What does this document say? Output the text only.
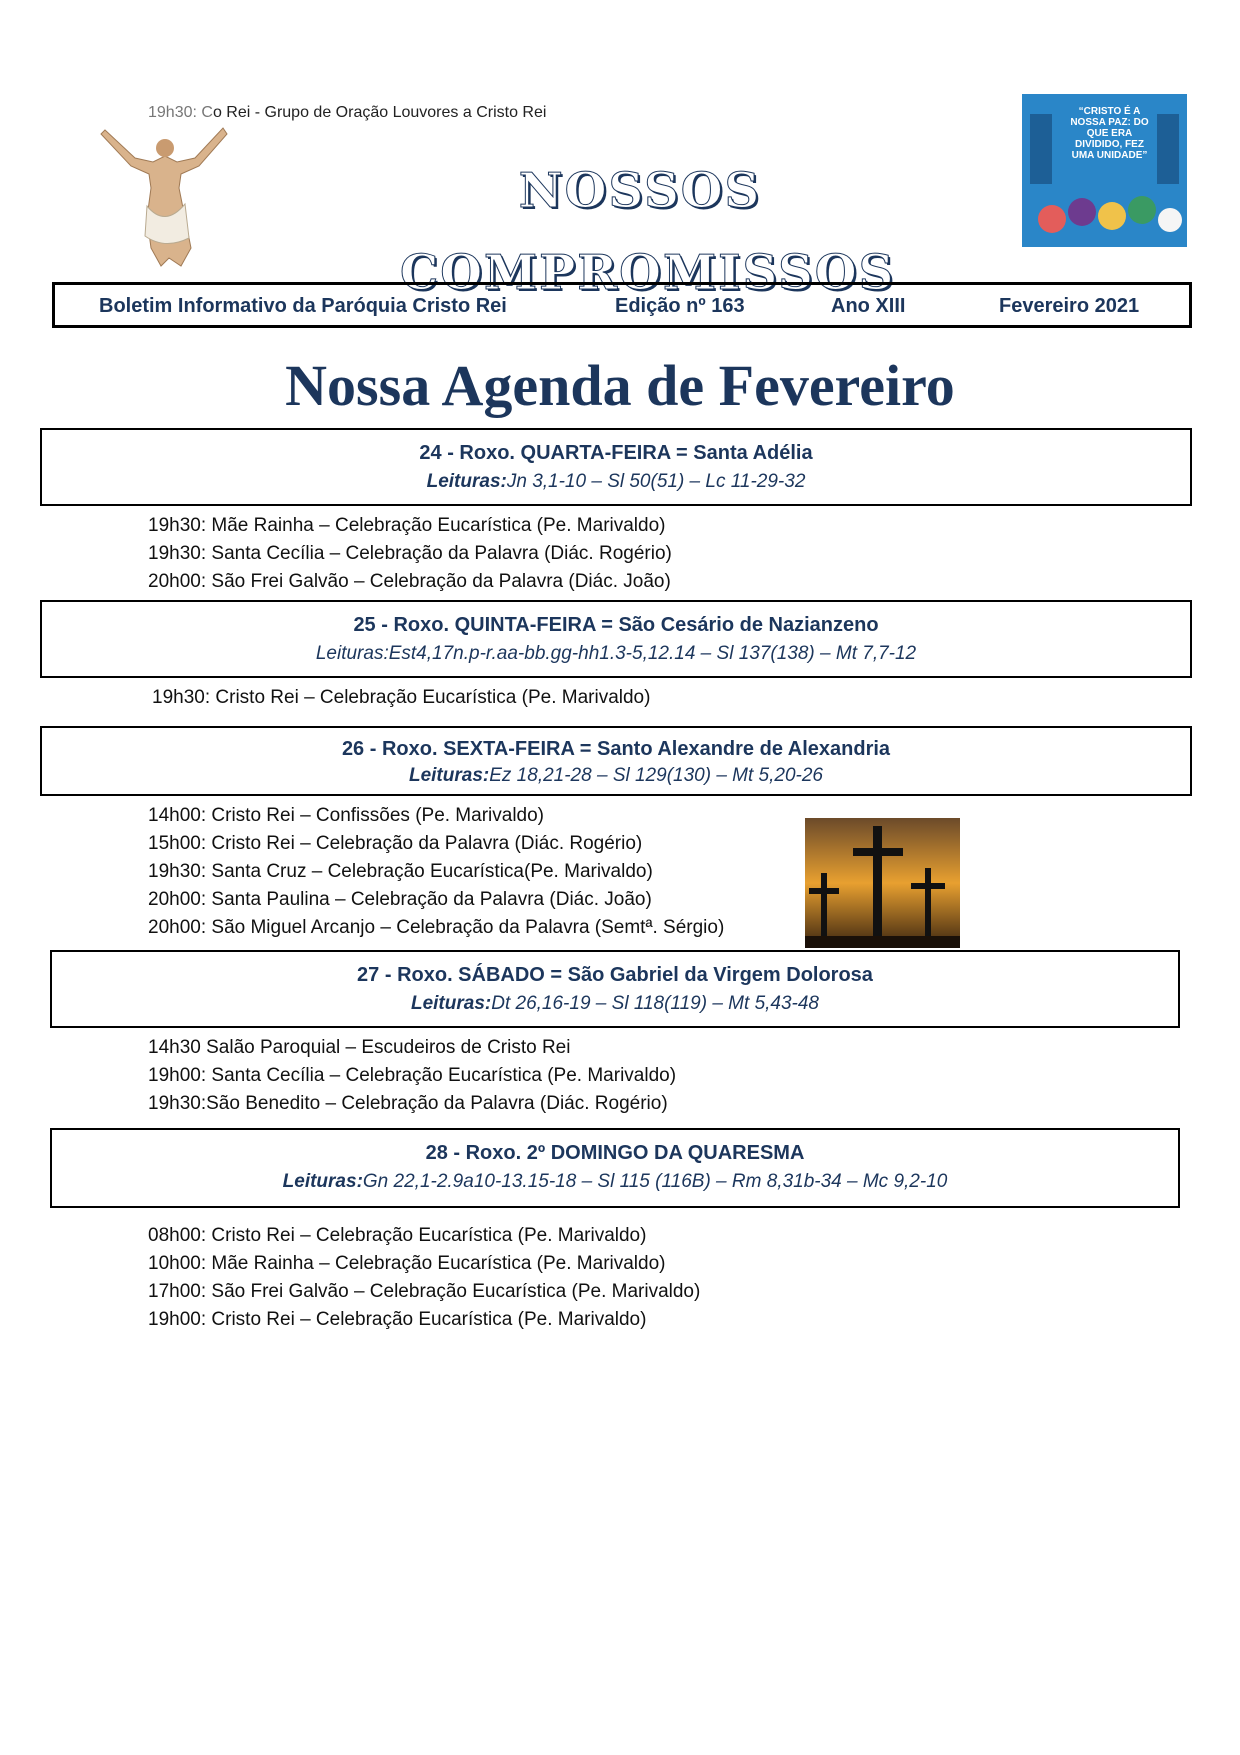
19h30: Co Rei - Grupo de Oração Louvores a Cristo Rei
NOSSOS
COMPROMISSOS
“CRISTO É A NOSSA PAZ: DO QUE ERA DIVIDIDO, FEZ UMA UNIDADE”
Boletim Informativo da Paróquia Cristo Rei	Edição nº 163	Ano XIII	Fevereiro 2021
Nossa Agenda de Fevereiro
24 - Roxo. QUARTA-FEIRA = Santa Adélia
Leituras:Jn 3,1-10 – Sl 50(51) – Lc 11-29-32
19h30: Mãe Rainha – Celebração Eucarística (Pe. Marivaldo)
19h30: Santa Cecília – Celebração da Palavra (Diác. Rogério)
20h00: São Frei Galvão – Celebração da Palavra (Diác. João)
25 - Roxo. QUINTA-FEIRA = São Cesário de Nazianzeno
Leituras:Est4,17n.p-r.aa-bb.gg-hh1.3-5,12.14 – Sl 137(138) – Mt 7,7-12
19h30: Cristo Rei – Celebração Eucarística (Pe. Marivaldo)
26 - Roxo. SEXTA-FEIRA = Santo Alexandre de Alexandria
Leituras:Ez 18,21-28 – Sl 129(130) – Mt 5,20-26
14h00: Cristo Rei – Confissões (Pe. Marivaldo)
15h00: Cristo Rei – Celebração da Palavra (Diác. Rogério)
19h30: Santa Cruz – Celebração Eucarística(Pe. Marivaldo)
20h00: Santa Paulina – Celebração da Palavra (Diác. João)
20h00: São Miguel Arcanjo – Celebração da Palavra (Semtª. Sérgio)
27 - Roxo. SÁBADO = São Gabriel da Virgem Dolorosa
Leituras:Dt 26,16-19 – Sl 118(119) – Mt 5,43-48
14h30 Salão Paroquial – Escudeiros de Cristo Rei
19h00: Santa Cecília – Celebração Eucarística (Pe. Marivaldo)
19h30:São Benedito – Celebração da Palavra (Diác. Rogério)
28 - Roxo. 2º DOMINGO DA QUARESMA
Leituras:Gn 22,1-2.9a10-13.15-18 – Sl 115 (116B) – Rm 8,31b-34 – Mc 9,2-10
08h00: Cristo Rei – Celebração Eucarística (Pe. Marivaldo)
10h00: Mãe Rainha – Celebração Eucarística (Pe. Marivaldo)
17h00: São Frei Galvão – Celebração Eucarística (Pe. Marivaldo)
19h00: Cristo Rei – Celebração Eucarística (Pe. Marivaldo)
